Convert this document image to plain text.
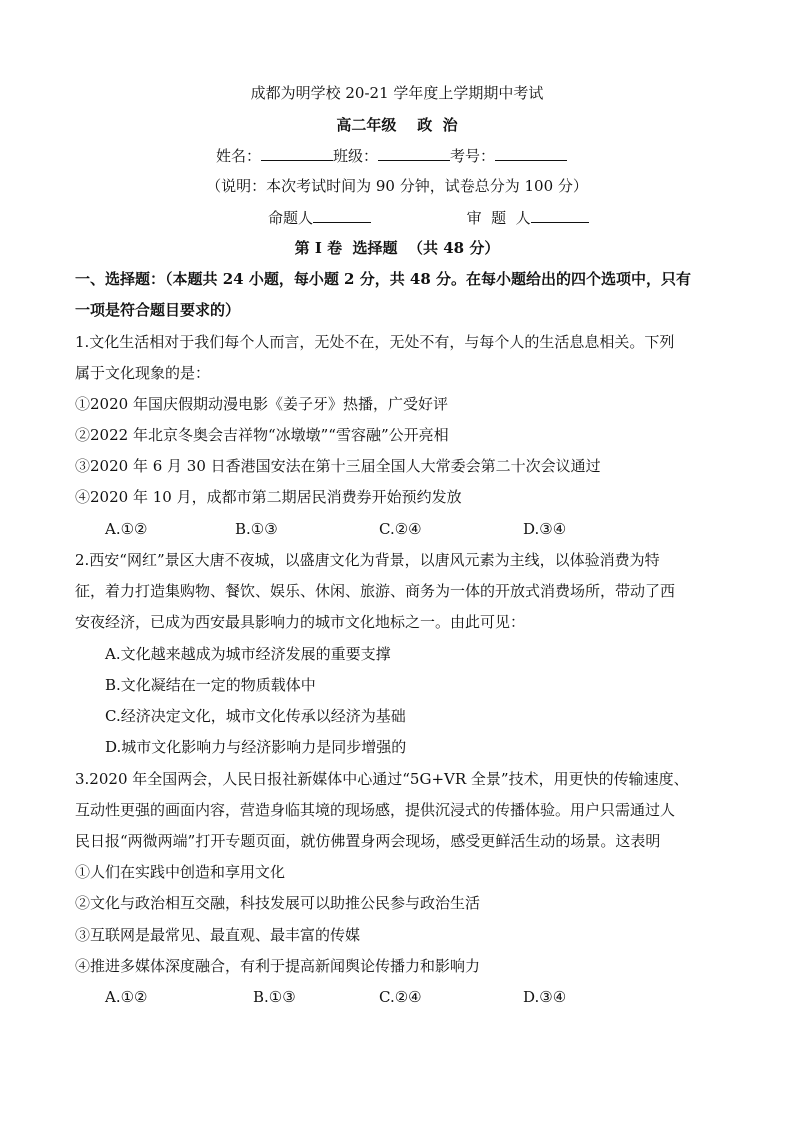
成都为明学校 20-21 学年度上学期期中考试
高二年级    政  治
姓名：	班级：	考号：
（说明：本次考试时间为 90 分钟，试卷总分为 100 分）
命题人	审  题  人
第 I 卷  选择题  （共 48 分）
一、选择题：（本题共 24 小题，每小题 2 分，共 48 分。在每小题给出的四个选项中，只有
一项是符合题目要求的）
1.文化生活相对于我们每个人而言，无处不在，无处不有，与每个人的生活息息相关。下列
属于文化现象的是：
①2020 年国庆假期动漫电影《姜子牙》热播，广受好评
②2022 年北京冬奥会吉祥物“冰墩墩”“雪容融”公开亮相
③2020 年 6 月 30 日香港国安法在第十三届全国人大常委会第二十次会议通过
④2020 年 10 月，成都市第二期居民消费券开始预约发放
A.①②	B.①③	C.②④	D.③④
2.西安“网红”景区大唐不夜城，以盛唐文化为背景，以唐风元素为主线，以体验消费为特
征，着力打造集购物、餐饮、娱乐、休闲、旅游、商务为一体的开放式消费场所，带动了西
安夜经济，已成为西安最具影响力的城市文化地标之一。由此可见：
A.文化越来越成为城市经济发展的重要支撑
B.文化凝结在一定的物质载体中
C.经济决定文化，城市文化传承以经济为基础
D.城市文化影响力与经济影响力是同步增强的
3.2020 年全国两会，人民日报社新媒体中心通过“5G+VR 全景”技术，用更快的传输速度、
互动性更强的画面内容，营造身临其境的现场感，提供沉浸式的传播体验。用户只需通过人
民日报“两微两端”打开专题页面，就仿佛置身两会现场，感受更鲜活生动的场景。这表明
①人们在实践中创造和享用文化
②文化与政治相互交融，科技发展可以助推公民参与政治生活
③互联网是最常见、最直观、最丰富的传媒
④推进多媒体深度融合，有利于提高新闻舆论传播力和影响力
A.①②	B.①③	C.②④	D.③④
